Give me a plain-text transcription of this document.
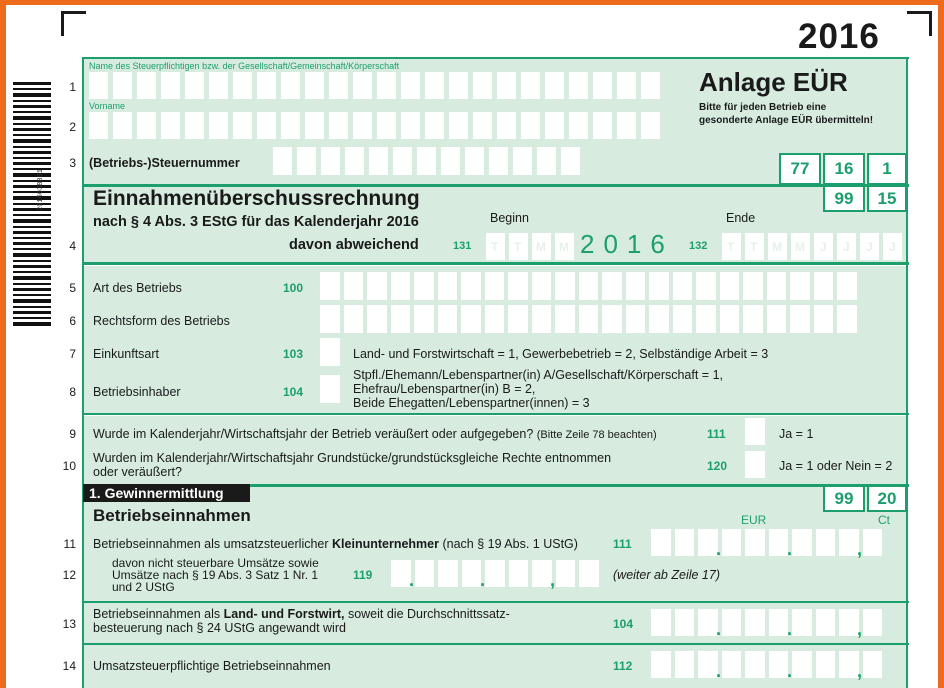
2016
2016038001
1
Name des Steuerpflichtigen bzw. der Gesellschaft/Gemeinschaft/Körperschaft
2
Vorname
Anlage EÜR
Bitte für jeden Betrieb eine
gesonderte Anlage EÜR übermitteln!
3 (Betriebs-)Steuernummer	77	16	1
Einnahmenüberschussrechnung
nach § 4 Abs. 3 EStG für das Kalenderjahr 2016
99	15
Beginn	Ende
4	davon abweichend	131 T T M M 2016 132 T T M M J J J J
5 Art des Betriebs	100
6 Rechtsform des Betriebs
7 Einkunftsart	103	Land- und Forstwirtschaft = 1, Gewerbebetrieb = 2, Selbständige Arbeit = 3
8 Betriebsinhaber	104
Stpfl./Ehemann/Lebenspartner(in) A/Gesellschaft/Körperschaft = 1,
Ehefrau/Lebenspartner(in) B = 2,
Beide Ehegatten/Lebenspartner(innen) = 3
9 Wurde im Kalenderjahr/Wirtschaftsjahr der Betrieb veräußert oder aufgegeben? (Bitte Zeile 78 beachten)	111	Ja = 1
10
Wurden im Kalenderjahr/Wirtschaftsjahr Grundstücke/grundstücksgleiche Rechte entnommen
oder veräußert?	120	Ja = 1 oder Nein = 2
1. Gewinnermittlung	99	20
Betriebseinnahmen	EUR	Ct
11 Betriebseinnahmen als umsatzsteuerlicher Kleinunternehmer (nach § 19 Abs. 1 UStG)	111	.	.	,
12
davon nicht steuerbare Umsätze sowie
Umsätze nach § 19 Abs. 3 Satz 1 Nr. 1
und 2 UStG
119 .	.	,	(weiter ab Zeile 17)
13
Betriebseinnahmen als Land- und Forstwirt, soweit die Durchschnittssatz-
besteuerung nach § 24 UStG angewandt wird	104	.	.	,
14 Umsatzsteuerpflichtige Betriebseinnahmen	112	.	.	,
